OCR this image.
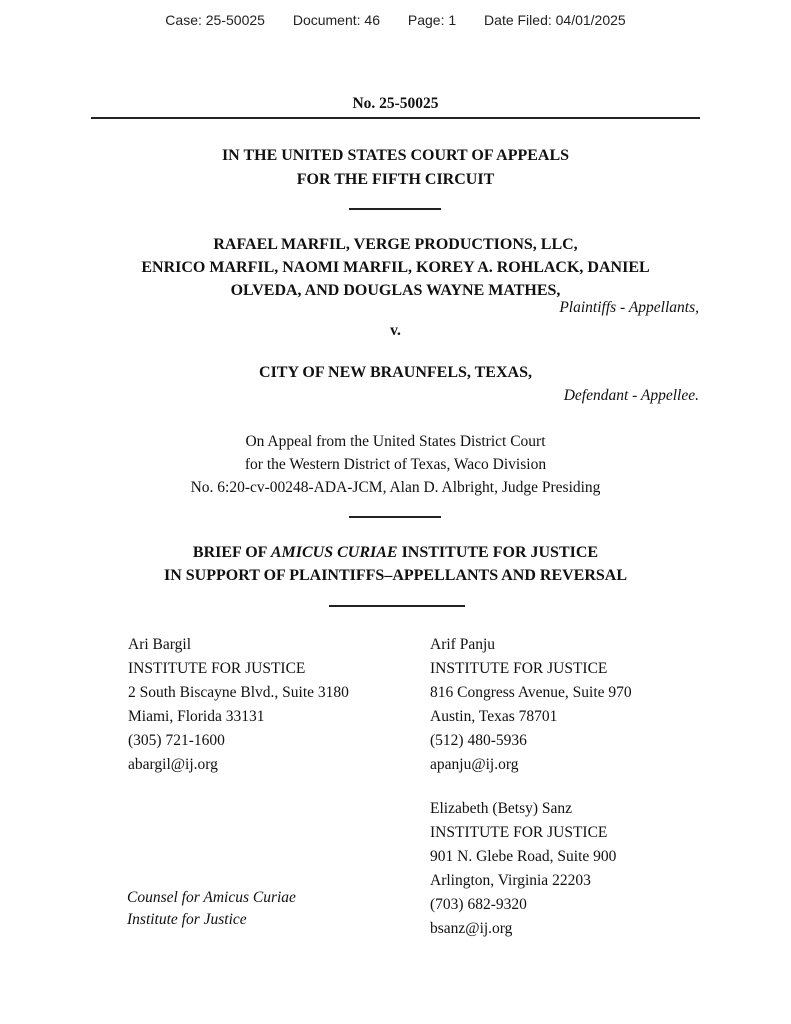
Case: 25-50025 Document: 46 Page: 1 Date Filed: 04/01/2025
No. 25-50025
IN THE UNITED STATES COURT OF APPEALS
FOR THE FIFTH CIRCUIT
RAFAEL MARFIL, VERGE PRODUCTIONS, LLC,
ENRICO MARFIL, NAOMI MARFIL, KOREY A. ROHLACK, DANIEL
OLVEDA, AND DOUGLAS WAYNE MATHES,
Plaintiffs - Appellants,
v.
CITY OF NEW BRAUNFELS, TEXAS,
Defendant - Appellee.
On Appeal from the United States District Court
for the Western District of Texas, Waco Division
No. 6:20-cv-00248-ADA-JCM, Alan D. Albright, Judge Presiding
BRIEF OF AMICUS CURIAE INSTITUTE FOR JUSTICE
IN SUPPORT OF PLAINTIFFS–APPELLANTS AND REVERSAL
Ari Bargil
INSTITUTE FOR JUSTICE
2 South Biscayne Blvd., Suite 3180
Miami, Florida 33131
(305) 721-1600
abargil@ij.org
Arif Panju
INSTITUTE FOR JUSTICE
816 Congress Avenue, Suite 970
Austin, Texas 78701
(512) 480-5936
apanju@ij.org
Elizabeth (Betsy) Sanz
INSTITUTE FOR JUSTICE
901 N. Glebe Road, Suite 900
Arlington, Virginia 22203
(703) 682-9320
bsanz@ij.org
Counsel for Amicus Curiae
Institute for Justice
